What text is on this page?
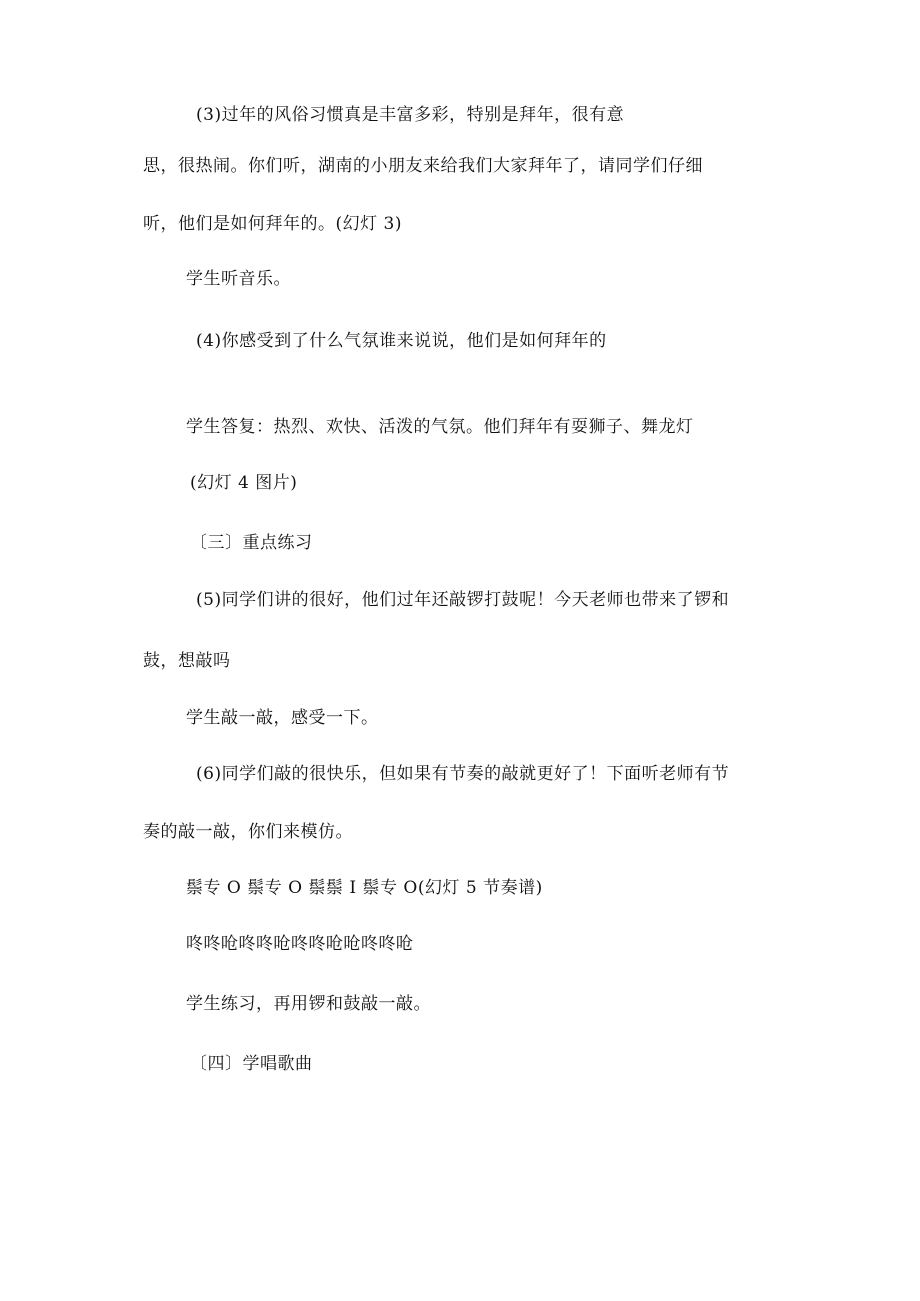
(3)过年的风俗习惯真是丰富多彩，特别是拜年，很有意
思，很热闹。你们听，湖南的小朋友来给我们大家拜年了，请同学们仔细
听，他们是如何拜年的。(幻灯 3)
学生听音乐。
(4)你感受到了什么气氛谁来说说，他们是如何拜年的
学生答复：热烈、欢快、活泼的气氛。他们拜年有耍狮子、舞龙灯
(幻灯 4 图片)
〔三〕重点练习
(5)同学们讲的很好，他们过年还敲锣打鼓呢！今天老师也带来了锣和
鼓，想敲吗
学生敲一敲，感受一下。
(6)同学们敲的很快乐，但如果有节奏的敲就更好了！下面听老师有节
奏的敲一敲，你们来模仿。
鬃专 O 鬃专 O 鬃鬃 I 鬃专 O(幻灯 5 节奏谱)
咚咚呛咚咚呛咚咚呛呛咚咚呛
学生练习，再用锣和鼓敲一敲。
〔四〕学唱歌曲
